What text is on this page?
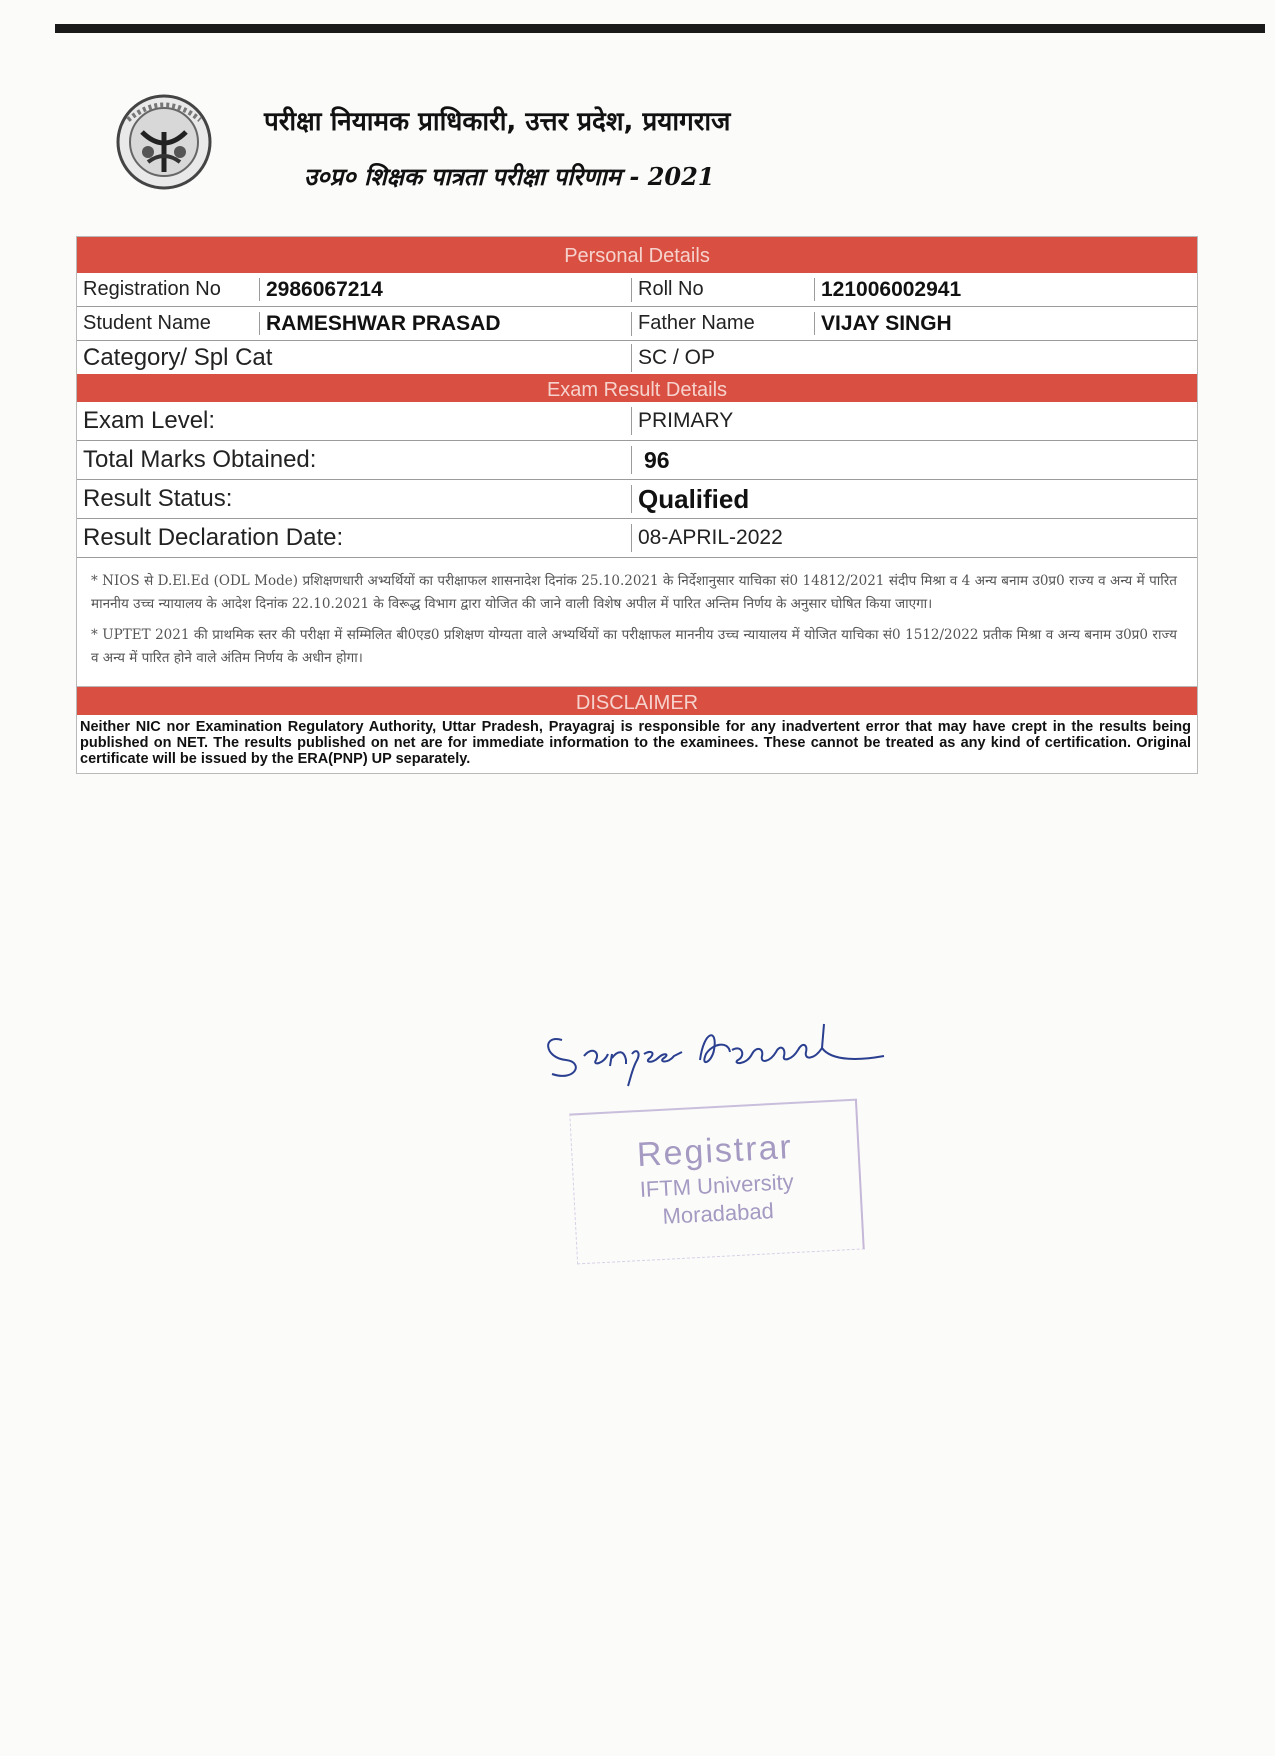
परीक्षा नियामक प्राधिकारी, उत्तर प्रदेश, प्रयागराज
उ०प्र० शिक्षक पात्रता परीक्षा परिणाम - 2021
Personal Details
Registration No	2986067214	Roll No	121006002941
Student Name	RAMESHWAR PRASAD	Father Name	VIJAY SINGH
Category/ Spl Cat	SC / OP
Exam Result Details
Exam Level:	PRIMARY
Total Marks Obtained:	96
Result Status:	Qualified
Result Declaration Date:	08-APRIL-2022
* NIOS से D.El.Ed (ODL Mode) प्रशिक्षणधारी अभ्यर्थियों का परीक्षाफल शासनादेश दिनांक 25.10.2021 के निर्देशानुसार याचिका सं0 14812/2021 संदीप मिश्रा व 4 अन्य बनाम उ0प्र0 राज्य व अन्य में पारित माननीय उच्च न्यायालय के आदेश दिनांक 22.10.2021 के विरूद्ध विभाग द्वारा योजित की जाने वाली विशेष अपील में पारित अन्तिम निर्णय के अनुसार घोषित किया जाएगा।
* UPTET 2021 की प्राथमिक स्तर की परीक्षा में सम्मिलित बी0एड0 प्रशिक्षण योग्यता वाले अभ्यर्थियों का परीक्षाफल माननीय उच्च न्यायालय में योजित याचिका सं0 1512/2022 प्रतीक मिश्रा व अन्य बनाम उ0प्र0 राज्य व अन्य में पारित होने वाले अंतिम निर्णय के अधीन होगा।
DISCLAIMER
Neither NIC nor Examination Regulatory Authority, Uttar Pradesh, Prayagraj is responsible for any inadvertent error that may have crept in the results being published on NET. The results published on net are for immediate information to the examinees. These cannot be treated as any kind of certification. Original certificate will be issued by the ERA(PNP) UP separately.
Registrar
IFTM University
Moradabad
